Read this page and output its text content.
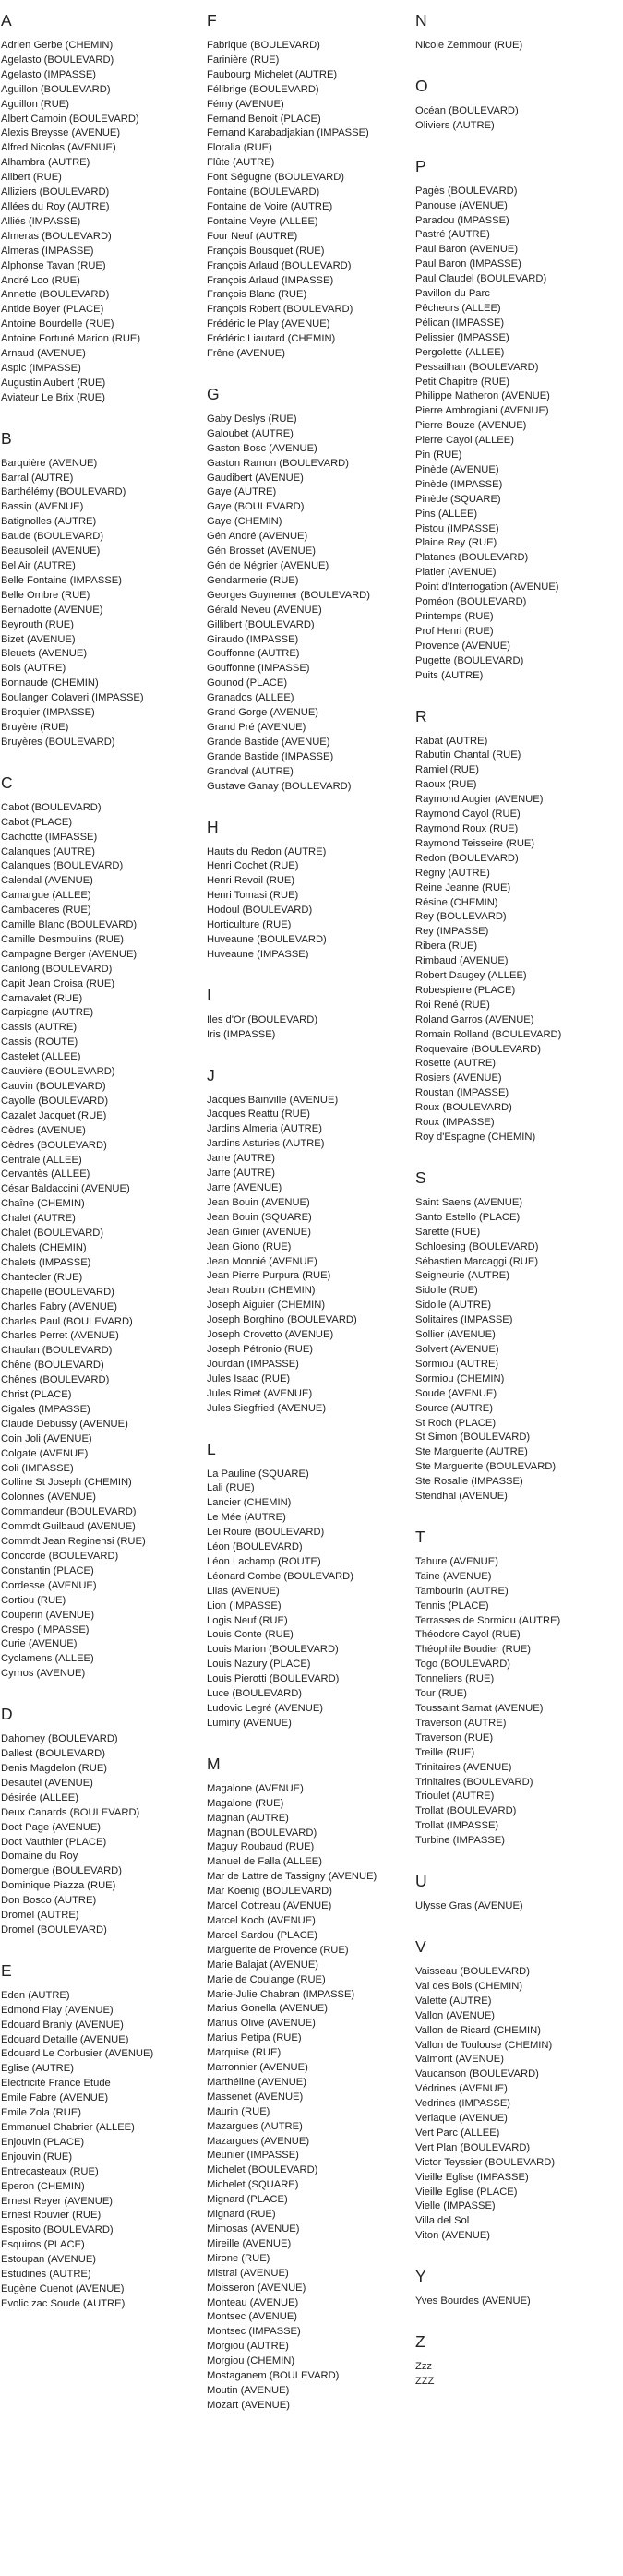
A
Adrien Gerbe (CHEMIN)
Agelasto (BOULEVARD)
Agelasto (IMPASSE)
Aguillon (BOULEVARD)
Aguillon (RUE)
Albert Camoin (BOULEVARD)
Alexis Breysse (AVENUE)
Alfred Nicolas (AVENUE)
Alhambra (AUTRE)
Alibert (RUE)
Alliziers (BOULEVARD)
Allées du Roy (AUTRE)
Alliés (IMPASSE)
Almeras (BOULEVARD)
Almeras (IMPASSE)
Alphonse Tavan (RUE)
André Loo (RUE)
Annette (BOULEVARD)
Antide Boyer (PLACE)
Antoine Bourdelle (RUE)
Antoine Fortuné Marion (RUE)
Arnaud (AVENUE)
Aspic (IMPASSE)
Augustin Aubert (RUE)
Aviateur Le Brix (RUE)
B
Barquière (AVENUE)
Barral (AUTRE)
Barthélémy (BOULEVARD)
Bassin (AVENUE)
Batignolles (AUTRE)
Baude (BOULEVARD)
Beausoleil (AVENUE)
Bel Air (AUTRE)
Belle Fontaine (IMPASSE)
Belle Ombre (RUE)
Bernadotte (AVENUE)
Beyrouth (RUE)
Bizet (AVENUE)
Bleuets (AVENUE)
Bois (AUTRE)
Bonnaude (CHEMIN)
Boulanger Colaveri (IMPASSE)
Broquier (IMPASSE)
Bruyère (RUE)
Bruyères (BOULEVARD)
C
Cabot (BOULEVARD)
Cabot (PLACE)
Cachotte (IMPASSE)
Calanques (AUTRE)
Calanques (BOULEVARD)
Calendal (AVENUE)
Camargue (ALLEE)
Cambaceres (RUE)
Camille Blanc (BOULEVARD)
Camille Desmoulins (RUE)
Campagne Berger (AVENUE)
Canlong (BOULEVARD)
Capit Jean Croisa (RUE)
Carnavalet (RUE)
Carpiagne (AUTRE)
Cassis (AUTRE)
Cassis (ROUTE)
Castelet (ALLEE)
Cauvière (BOULEVARD)
Cauvin (BOULEVARD)
Cayolle (BOULEVARD)
Cazalet Jacquet (RUE)
Cèdres (AVENUE)
Cèdres (BOULEVARD)
Centrale (ALLEE)
Cervantès (ALLEE)
César Baldaccini (AVENUE)
Chaîne (CHEMIN)
Chalet (AUTRE)
Chalet (BOULEVARD)
Chalets (CHEMIN)
Chalets (IMPASSE)
Chantecler (RUE)
Chapelle (BOULEVARD)
Charles Fabry (AVENUE)
Charles Paul (BOULEVARD)
Charles Perret (AVENUE)
Chaulan (BOULEVARD)
Chêne (BOULEVARD)
Chênes (BOULEVARD)
Christ (PLACE)
Cigales (IMPASSE)
Claude Debussy (AVENUE)
Coin Joli (AVENUE)
Colgate (AVENUE)
Coli (IMPASSE)
Colline St Joseph (CHEMIN)
Colonnes (AVENUE)
Commandeur (BOULEVARD)
Commdt Guilbaud (AVENUE)
Commdt Jean Reginensi (RUE)
Concorde (BOULEVARD)
Constantin (PLACE)
Cordesse (AVENUE)
Cortiou (RUE)
Couperin (AVENUE)
Crespo (IMPASSE)
Curie (AVENUE)
Cyclamens (ALLEE)
Cyrnos (AVENUE)
D
Dahomey (BOULEVARD)
Dallest (BOULEVARD)
Denis Magdelon (RUE)
Desautel (AVENUE)
Désirée (ALLEE)
Deux Canards (BOULEVARD)
Doct Page (AVENUE)
Doct Vauthier (PLACE)
Domaine du Roy
Domergue (BOULEVARD)
Dominique Piazza (RUE)
Don Bosco (AUTRE)
Dromel (AUTRE)
Dromel (BOULEVARD)
E
Eden (AUTRE)
Edmond Flay (AVENUE)
Edouard Branly (AVENUE)
Edouard Detaille (AVENUE)
Edouard Le Corbusier (AVENUE)
Eglise (AUTRE)
Electricité France Etude
Emile Fabre (AVENUE)
Emile Zola (RUE)
Emmanuel Chabrier (ALLEE)
Enjouvin (PLACE)
Enjouvin (RUE)
Entrecasteaux (RUE)
Eperon (CHEMIN)
Ernest Reyer (AVENUE)
Ernest Rouvier (RUE)
Esposito (BOULEVARD)
Esquiros (PLACE)
Estoupan (AVENUE)
Estudines (AUTRE)
Eugène Cuenot (AVENUE)
Evolic zac Soude (AUTRE)
F
Fabrique (BOULEVARD)
Farinière (RUE)
Faubourg Michelet (AUTRE)
Félibrige (BOULEVARD)
Fémy (AVENUE)
Fernand Benoit (PLACE)
Fernand Karabadjakian (IMPASSE)
Floralia (RUE)
Flûte (AUTRE)
Font Ségugne (BOULEVARD)
Fontaine (BOULEVARD)
Fontaine de Voire (AUTRE)
Fontaine Veyre (ALLEE)
Four Neuf (AUTRE)
François Bousquet (RUE)
François Arlaud (BOULEVARD)
François Arlaud (IMPASSE)
François Blanc (RUE)
François Robert (BOULEVARD)
Frédéric le Play (AVENUE)
Frédéric Liautard (CHEMIN)
Frêne (AVENUE)
G
Gaby Deslys (RUE)
Galoubet (AUTRE)
Gaston Bosc (AVENUE)
Gaston Ramon (BOULEVARD)
Gaudibert (AVENUE)
Gaye (AUTRE)
Gaye (BOULEVARD)
Gaye (CHEMIN)
Gén André (AVENUE)
Gén Brosset (AVENUE)
Gén de Négrier (AVENUE)
Gendarmerie (RUE)
Georges Guynemer (BOULEVARD)
Gérald Neveu (AVENUE)
Gillibert (BOULEVARD)
Giraudo (IMPASSE)
Gouffonne (AUTRE)
Gouffonne (IMPASSE)
Gounod (PLACE)
Granados (ALLEE)
Grand Gorge (AVENUE)
Grand Pré (AVENUE)
Grande Bastide (AVENUE)
Grande Bastide (IMPASSE)
Grandval (AUTRE)
Gustave Ganay (BOULEVARD)
H
Hauts du Redon (AUTRE)
Henri Cochet (RUE)
Henri Revoil (RUE)
Henri Tomasi (RUE)
Hodoul (BOULEVARD)
Horticulture (RUE)
Huveaune (BOULEVARD)
Huveaune (IMPASSE)
I
Iles d'Or (BOULEVARD)
Iris (IMPASSE)
J
Jacques Bainville (AVENUE)
Jacques Reattu (RUE)
Jardins Almeria (AUTRE)
Jardins Asturies (AUTRE)
Jarre (AUTRE)
Jarre (AUTRE)
Jarre (AVENUE)
Jean Bouin (AVENUE)
Jean Bouin (SQUARE)
Jean Ginier (AVENUE)
Jean Giono (RUE)
Jean Monnié (AVENUE)
Jean Pierre Purpura (RUE)
Jean Roubin (CHEMIN)
Joseph Aiguier (CHEMIN)
Joseph Borghino (BOULEVARD)
Joseph Crovetto (AVENUE)
Joseph Pétronio (RUE)
Jourdan (IMPASSE)
Jules Isaac (RUE)
Jules Rimet (AVENUE)
Jules Siegfried (AVENUE)
L
La Pauline (SQUARE)
Lali (RUE)
Lancier (CHEMIN)
Le Mée (AUTRE)
Lei Roure (BOULEVARD)
Léon (BOULEVARD)
Léon Lachamp (ROUTE)
Léonard Combe (BOULEVARD)
Lilas (AVENUE)
Lion (IMPASSE)
Logis Neuf (RUE)
Louis Conte (RUE)
Louis Marion (BOULEVARD)
Louis Nazury (PLACE)
Louis Pierotti (BOULEVARD)
Luce (BOULEVARD)
Ludovic Legré (AVENUE)
Luminy (AVENUE)
M
Magalone (AVENUE)
Magalone (RUE)
Magnan (AUTRE)
Magnan (BOULEVARD)
Maguy Roubaud (RUE)
Manuel de Falla (ALLEE)
Mar de Lattre de Tassigny (AVENUE)
Mar Koenig (BOULEVARD)
Marcel Cottreau (AVENUE)
Marcel Koch (AVENUE)
Marcel Sardou (PLACE)
Marguerite de Provence (RUE)
Marie Balajat (AVENUE)
Marie de Coulange (RUE)
Marie-Julie Chabran (IMPASSE)
Marius Gonella (AVENUE)
Marius Olive (AVENUE)
Marius Petipa (RUE)
Marquise (RUE)
Marronnier (AVENUE)
Marthéline (AVENUE)
Massenet (AVENUE)
Maurin (RUE)
Mazargues (AUTRE)
Mazargues (AVENUE)
Meunier (IMPASSE)
Michelet (BOULEVARD)
Michelet (SQUARE)
Mignard (PLACE)
Mignard (RUE)
Mimosas (AVENUE)
Mireille (AVENUE)
Mirone (RUE)
Mistral (AVENUE)
Moisseron (AVENUE)
Monteau (AVENUE)
Montsec (AVENUE)
Montsec (IMPASSE)
Morgiou (AUTRE)
Morgiou (CHEMIN)
Mostaganem (BOULEVARD)
Moutin (AVENUE)
Mozart (AVENUE)
N
Nicole Zemmour (RUE)
O
Océan (BOULEVARD)
Oliviers (AUTRE)
P
Pagès (BOULEVARD)
Panouse (AVENUE)
Paradou (IMPASSE)
Pastré (AUTRE)
Paul Baron (AVENUE)
Paul Baron (IMPASSE)
Paul Claudel (BOULEVARD)
Pavillon du Parc
Pêcheurs (ALLEE)
Pélican (IMPASSE)
Pelissier (IMPASSE)
Pergolette (ALLEE)
Pessailhan (BOULEVARD)
Petit Chapitre (RUE)
Philippe Matheron (AVENUE)
Pierre Ambrogiani (AVENUE)
Pierre Bouze (AVENUE)
Pierre Cayol (ALLEE)
Pin (RUE)
Pinède (AVENUE)
Pinède (IMPASSE)
Pinède (SQUARE)
Pins (ALLEE)
Pistou (IMPASSE)
Plaine Rey (RUE)
Platanes (BOULEVARD)
Platier (AVENUE)
Point d'Interrogation (AVENUE)
Poméon (BOULEVARD)
Printemps (RUE)
Prof Henri (RUE)
Provence (AVENUE)
Pugette (BOULEVARD)
Puits (AUTRE)
R
Rabat (AUTRE)
Rabutin Chantal (RUE)
Ramiel (RUE)
Raoux (RUE)
Raymond Augier (AVENUE)
Raymond Cayol (RUE)
Raymond Roux (RUE)
Raymond Teisseire (RUE)
Redon (BOULEVARD)
Régny (AUTRE)
Reine Jeanne (RUE)
Résine (CHEMIN)
Rey (BOULEVARD)
Rey (IMPASSE)
Ribera (RUE)
Rimbaud (AVENUE)
Robert Daugey (ALLEE)
Robespierre (PLACE)
Roi René (RUE)
Roland Garros (AVENUE)
Romain Rolland (BOULEVARD)
Roquevaire (BOULEVARD)
Rosette (AUTRE)
Rosiers (AVENUE)
Roustan (IMPASSE)
Roux (BOULEVARD)
Roux (IMPASSE)
Roy d'Espagne (CHEMIN)
S
Saint Saens (AVENUE)
Santo Estello (PLACE)
Sarette (RUE)
Schloesing (BOULEVARD)
Sébastien Marcaggi (RUE)
Seigneurie (AUTRE)
Sidolle (RUE)
Sidolle (AUTRE)
Solitaires (IMPASSE)
Sollier (AVENUE)
Solvert (AVENUE)
Sormiou (AUTRE)
Sormiou (CHEMIN)
Soude (AVENUE)
Source (AUTRE)
St Roch (PLACE)
St Simon (BOULEVARD)
Ste Marguerite (AUTRE)
Ste Marguerite (BOULEVARD)
Ste Rosalie (IMPASSE)
Stendhal (AVENUE)
T
Tahure (AVENUE)
Taine (AVENUE)
Tambourin (AUTRE)
Tennis (PLACE)
Terrasses de Sormiou (AUTRE)
Théodore Cayol (RUE)
Théophile Boudier (RUE)
Togo (BOULEVARD)
Tonneliers (RUE)
Tour (RUE)
Toussaint Samat (AVENUE)
Traverson (AUTRE)
Traverson (RUE)
Treille (RUE)
Trinitaires (AVENUE)
Trinitaires (BOULEVARD)
Trioulet (AUTRE)
Trollat (BOULEVARD)
Trollat (IMPASSE)
Turbine (IMPASSE)
U
Ulysse Gras (AVENUE)
V
Vaisseau (BOULEVARD)
Val des Bois (CHEMIN)
Valette (AUTRE)
Vallon (AVENUE)
Vallon de Ricard (CHEMIN)
Vallon de Toulouse (CHEMIN)
Valmont (AVENUE)
Vaucanson (BOULEVARD)
Védrines (AVENUE)
Vedrines (IMPASSE)
Verlaque (AVENUE)
Vert Parc (ALLEE)
Vert Plan (BOULEVARD)
Victor Teyssier (BOULEVARD)
Vieille Eglise (IMPASSE)
Vieille Eglise (PLACE)
Vielle (IMPASSE)
Villa del Sol
Viton (AVENUE)
Y
Yves Bourdes (AVENUE)
Z
Zzz
ZZZ
